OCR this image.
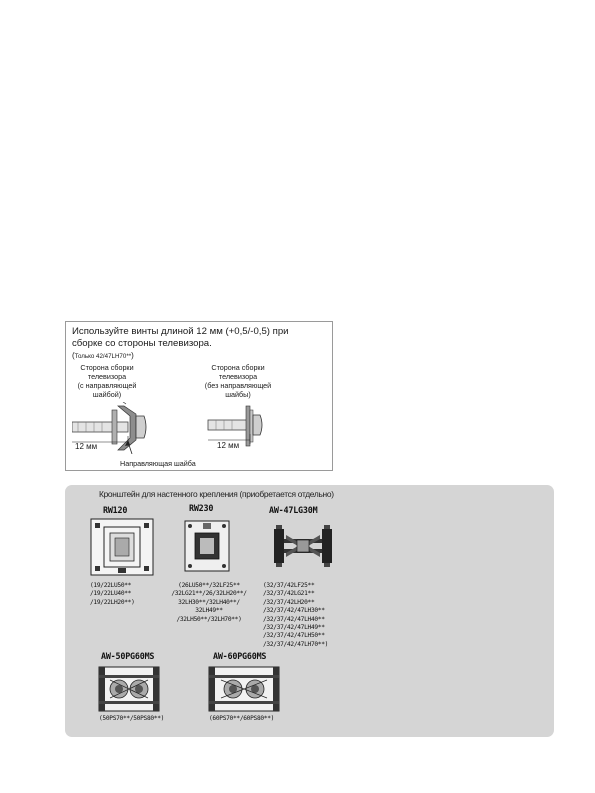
Используйте винты длиной 12 мм (+0,5/-0,5) при
сборке со стороны телевизора.
(Только 42/47LH70**)
Сторона сборки
телевизора
(с направляющей
шайбой)
Сторона сборки
телевизора
(без направляющей
шайбы)
12 мм
Направляющая шайба
12 мм
Кронштейн для настенного крепления (приобретается отдельно)
RW120
(19/22LU50**
/19/22LU40**
/19/22LH20**)
RW230
(26LU50**/32LF25**
/32LG21**/26/32LH20**/
32LH30**/32LH40**/
32LH49**
/32LH50**/32LH70**)
AW-47LG30M
(32/37/42LF25**
/32/37/42LG21**
/32/37/42LH20**
/32/37/42/47LH30**
/32/37/42/47LH40**
/32/37/42/47LH49**
/32/37/42/47LH50**
/32/37/42/47LH70**)
AW-50PG60MS
(50PS70**/50PS80**)
AW-60PG60MS
(60PS70**/60PS80**)
